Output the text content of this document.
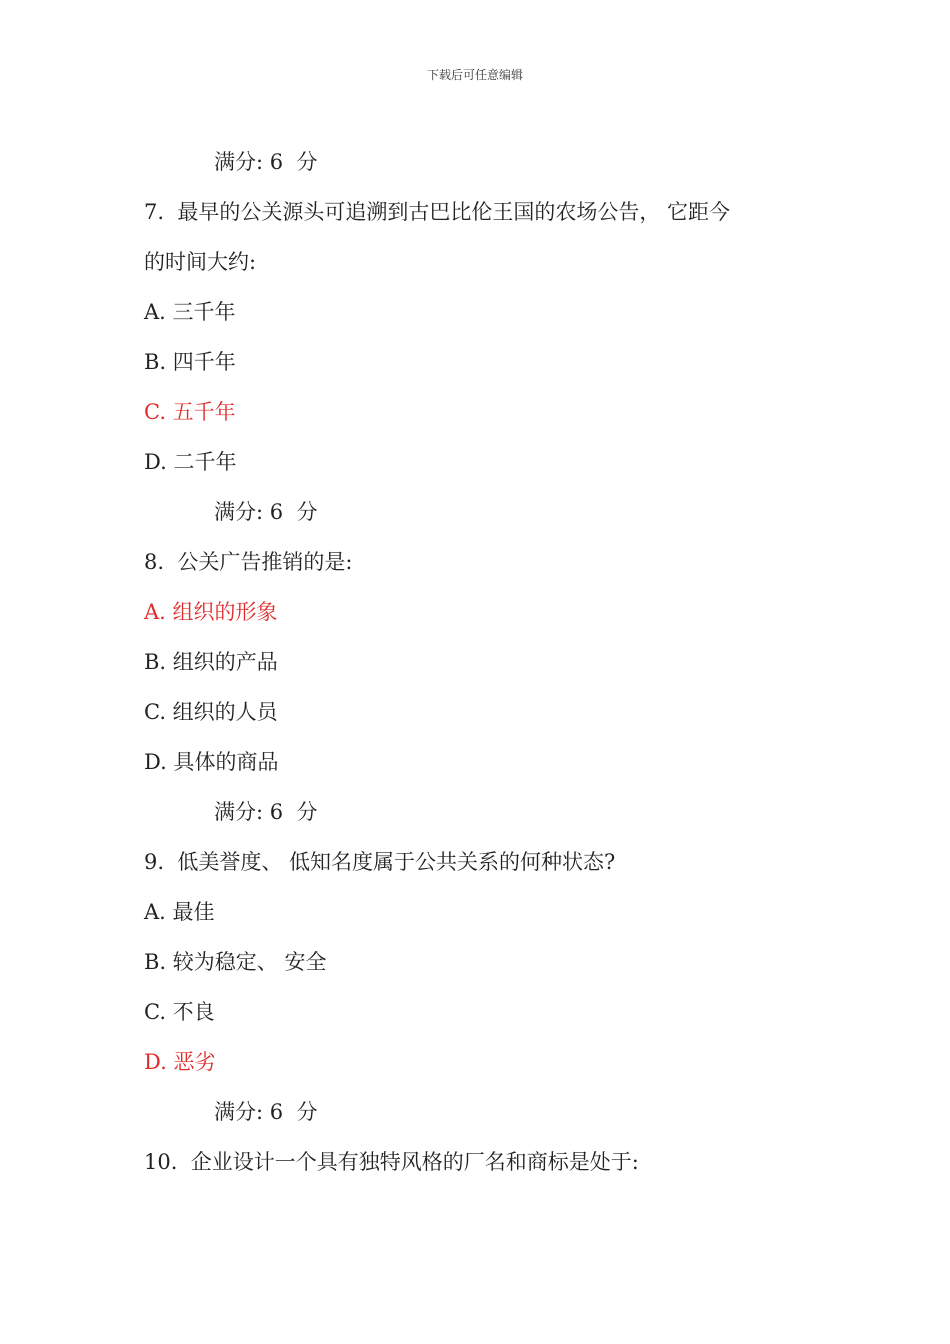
下载后可任意编辑
满分: 6  分
7.  最早的公关源头可追溯到古巴比伦王国的农场公告， 它距今
的时间大约:
A. 三千年
B. 四千年
C. 五千年
D. 二千年
满分: 6  分
8.  公关广告推销的是:
A. 组织的形象
B. 组织的产品
C. 组织的人员
D. 具体的商品
满分: 6  分
9.  低美誉度、 低知名度属于公共关系的何种状态?
A. 最佳
B. 较为稳定、 安全
C. 不良
D. 恶劣
满分: 6  分
10.  企业设计一个具有独特风格的厂名和商标是处于:
